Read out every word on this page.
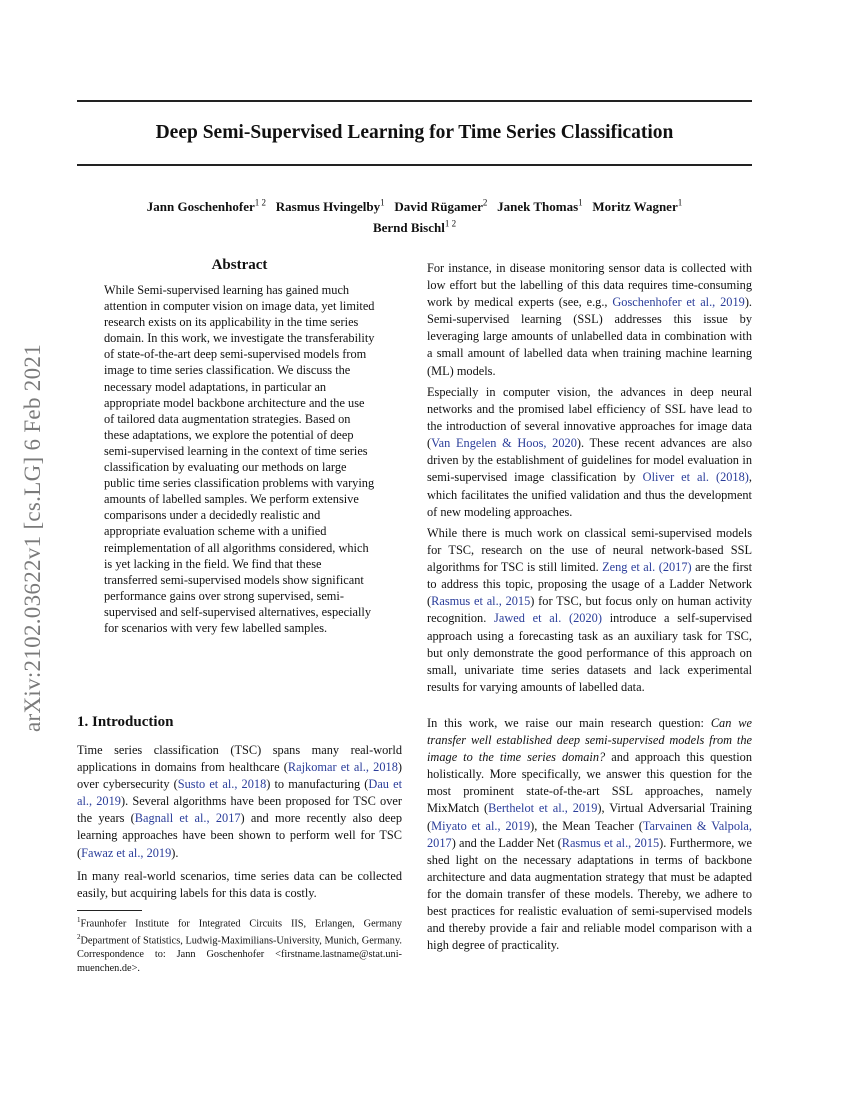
Deep Semi-Supervised Learning for Time Series Classification
Jann Goschenhofer$^{1 2}$ Rasmus Hvingelby$^1$ David Rügamer$^2$ Janek Thomas$^1$ Moritz Wagner$^1$
Bernd Bischl$^{1 2}$
arXiv:2102.03622v1 [cs.LG] 6 Feb 2021
Abstract

While Semi-supervised learning has gained much attention in computer vision on image data, yet limited research exists on its applicability in the time series domain. In this work, we investigate the transferability of state-of-the-art deep semi-supervised models from image to time series classification. We discuss the necessary model adaptations, in particular an appropriate model backbone architecture and the use of tailored data augmentation strategies. Based on these adaptations, we explore the potential of deep semi-supervised learning in the context of time series classification by evaluating our methods on large public time series classification problems with varying amounts of labelled samples. We perform extensive comparisons under a decidedly realistic and appropriate evaluation scheme with a unified reimplementation of all algorithms considered, which is yet lacking in the field. We find that these transferred semi-supervised models show significant performance gains over strong supervised, semi-supervised and self-supervised alternatives, especially for scenarios with very few labelled samples.

1. Introduction

Time series classification (TSC) spans many real-world applications in domains from healthcare (Rajkomar et al., 2018) over cybersecurity (Susto et al., 2018) to manufacturing (Dau et al., 2019). Several algorithms have been proposed for TSC over the years (Bagnall et al., 2017) and more recently also deep learning approaches have been shown to perform well for TSC (Fawaz et al., 2019).

In many real-world scenarios, time series data can be collected easily, but acquiring labels for this data is costly.

$^1$Fraunhofer Institute for Integrated Circuits IIS, Erlangen, Germany $^2$Department of Statistics, Ludwig-Maximilians-University, Munich, Germany. Correspondence to: Jann Goschenhofer <firstname.lastname@stat.uni-muenchen.de>.

For instance, in disease monitoring sensor data is collected with low effort but the labelling of this data requires time-consuming work by medical experts (see, e.g., Goschenhofer et al., 2019). Semi-supervised learning (SSL) addresses this issue by leveraging large amounts of unlabelled data in combination with a small amount of labelled data when training machine learning (ML) models.

Especially in computer vision, the advances in deep neural networks and the promised label efficiency of SSL have lead to the introduction of several innovative approaches for image data (Van Engelen & Hoos, 2020). These recent advances are also driven by the establishment of guidelines for model evaluation in semi-supervised image classification by Oliver et al. (2018), which facilitates the unified validation and thus the development of new modeling approaches.

While there is much work on classical semi-supervised models for TSC, research on the use of neural network-based SSL algorithms for TSC is still limited. Zeng et al. (2017) are the first to address this topic, proposing the usage of a Ladder Network (Rasmus et al., 2015) for TSC, but focus only on human activity recognition. Jawed et al. (2020) introduce a self-supervised approach using a forecasting task as an auxiliary task for TSC, but only demonstrate the good performance of this approach on small, univariate time series datasets and lack experimental results for varying amounts of labelled data.

In this work, we raise our main research question: Can we transfer well established deep semi-supervised models from the image to the time series domain? and approach this question holistically. More specifically, we answer this question for the most prominent state-of-the-art SSL approaches, namely MixMatch (Berthelot et al., 2019), Virtual Adversarial Training (Miyato et al., 2019), the Mean Teacher (Tarvainen & Valpola, 2017) and the Ladder Net (Rasmus et al., 2015). Furthermore, we shed light on the necessary adaptations in terms of backbone architecture and data augmentation strategy that must be adapted for the domain transfer of these models. Thereby, we adhere to best practices for realistic evaluation of semi-supervised models and thereby provide a fair and reliable model comparison with a high degree of practicality.
